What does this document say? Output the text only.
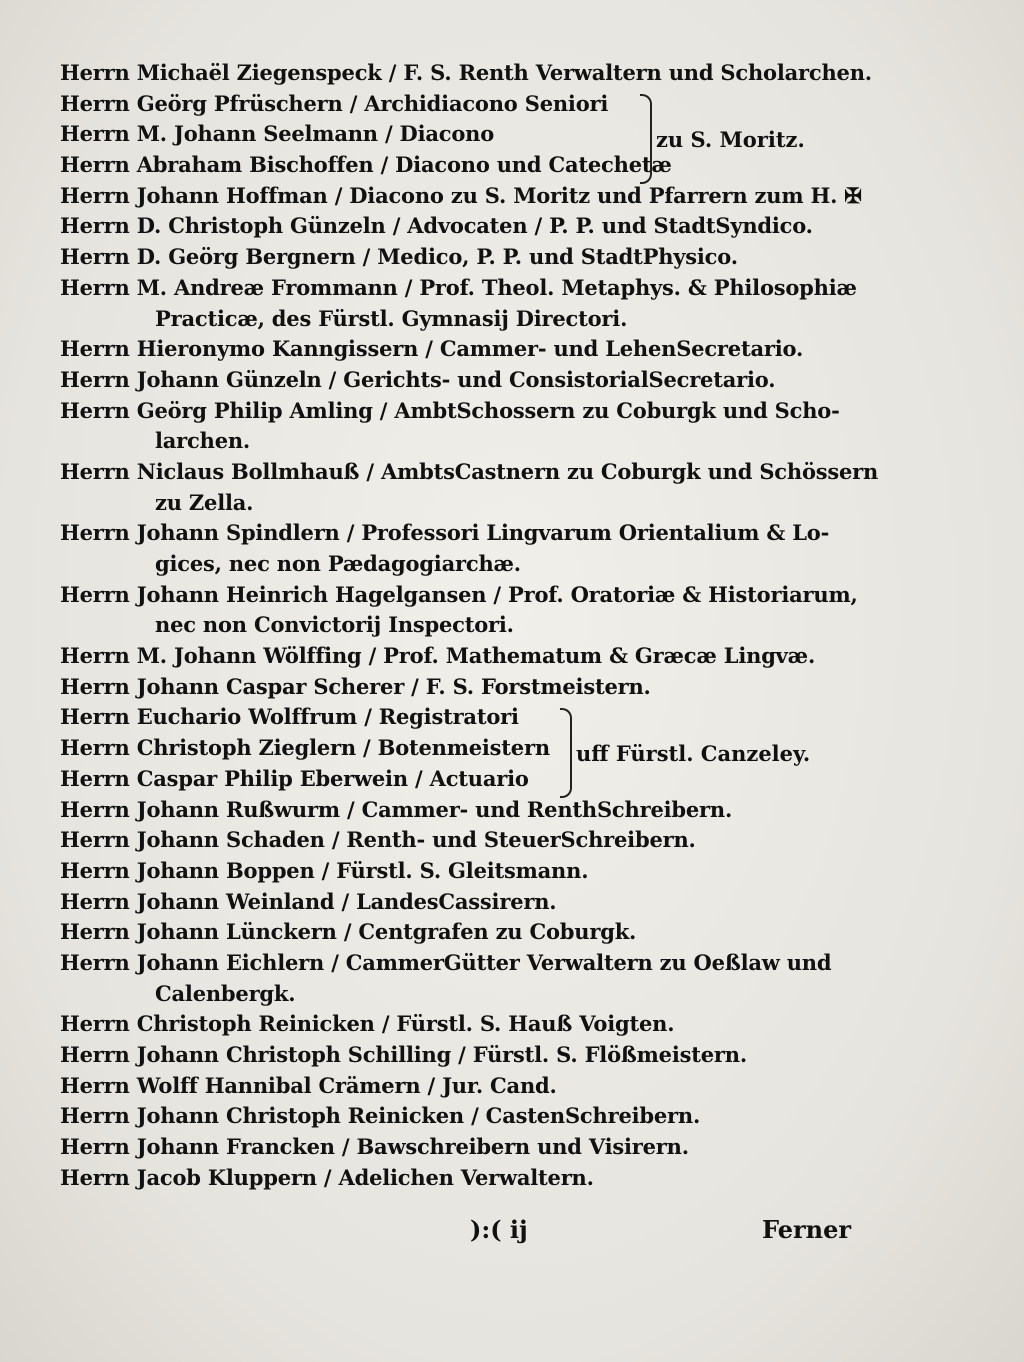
Herrn Michaël Ziegenspeck / F. S. Renth Verwaltern und Scholarchen.
Herrn Geörg Pfrüschern / Archidiacono Seniori
Herrn M. Johann Seelmann / Diacono
Herrn Abraham Bischoffen / Diacono und Catechetæ
Herrn Johann Hoffman / Diacono zu S. Moritz und Pfarrern zum H. ✠
Herrn D. Christoph Günzeln / Advocaten / P. P. und StadtSyndico.
Herrn D. Geörg Bergnern / Medico, P. P. und StadtPhysico.
Herrn M. Andreæ Frommann / Prof. Theol. Metaphys. & Philosophiæ
Practicæ, des Fürstl. Gymnasij Directori.
Herrn Hieronymo Kanngissern / Cammer- und LehenSecretario.
Herrn Johann Günzeln / Gerichts- und ConsistorialSecretario.
Herrn Geörg Philip Amling / AmbtSchossern zu Coburgk und Scho-
larchen.
Herrn Niclaus Bollmhauß / AmbtsCastnern zu Coburgk und Schössern
zu Zella.
Herrn Johann Spindlern / Professori Lingvarum Orientalium & Lo-
gices, nec non Pædagogiarchæ.
Herrn Johann Heinrich Hagelgansen / Prof. Oratoriæ & Historiarum,
nec non Convictorij Inspectori.
Herrn M. Johann Wölffing / Prof. Mathematum & Græcæ Lingvæ.
Herrn Johann Caspar Scherer / F. S. Forstmeistern.
Herrn Euchario Wolffrum / Registratori
Herrn Christoph Zieglern / Botenmeistern
Herrn Caspar Philip Eberwein / Actuario
Herrn Johann Rußwurm / Cammer- und RenthSchreibern.
Herrn Johann Schaden / Renth- und SteuerSchreibern.
Herrn Johann Boppen / Fürstl. S. Gleitsmann.
Herrn Johann Weinland / LandesCassirern.
Herrn Johann Lünckern / Centgrafen zu Coburgk.
Herrn Johann Eichlern / CammerGütter Verwaltern zu Oeßlaw und
Calenbergk.
Herrn Christoph Reinicken / Fürstl. S. Hauß Voigten.
Herrn Johann Christoph Schilling / Fürstl. S. Flößmeistern.
Herrn Wolff Hannibal Crämern / Jur. Cand.
Herrn Johann Christoph Reinicken / CastenSchreibern.
Herrn Johann Francken / Bawschreibern und Visirern.
Herrn Jacob Kluppern / Adelichen Verwaltern.
zu S. Moritz.
uff Fürstl. Canzeley.
):( ij	Ferner
